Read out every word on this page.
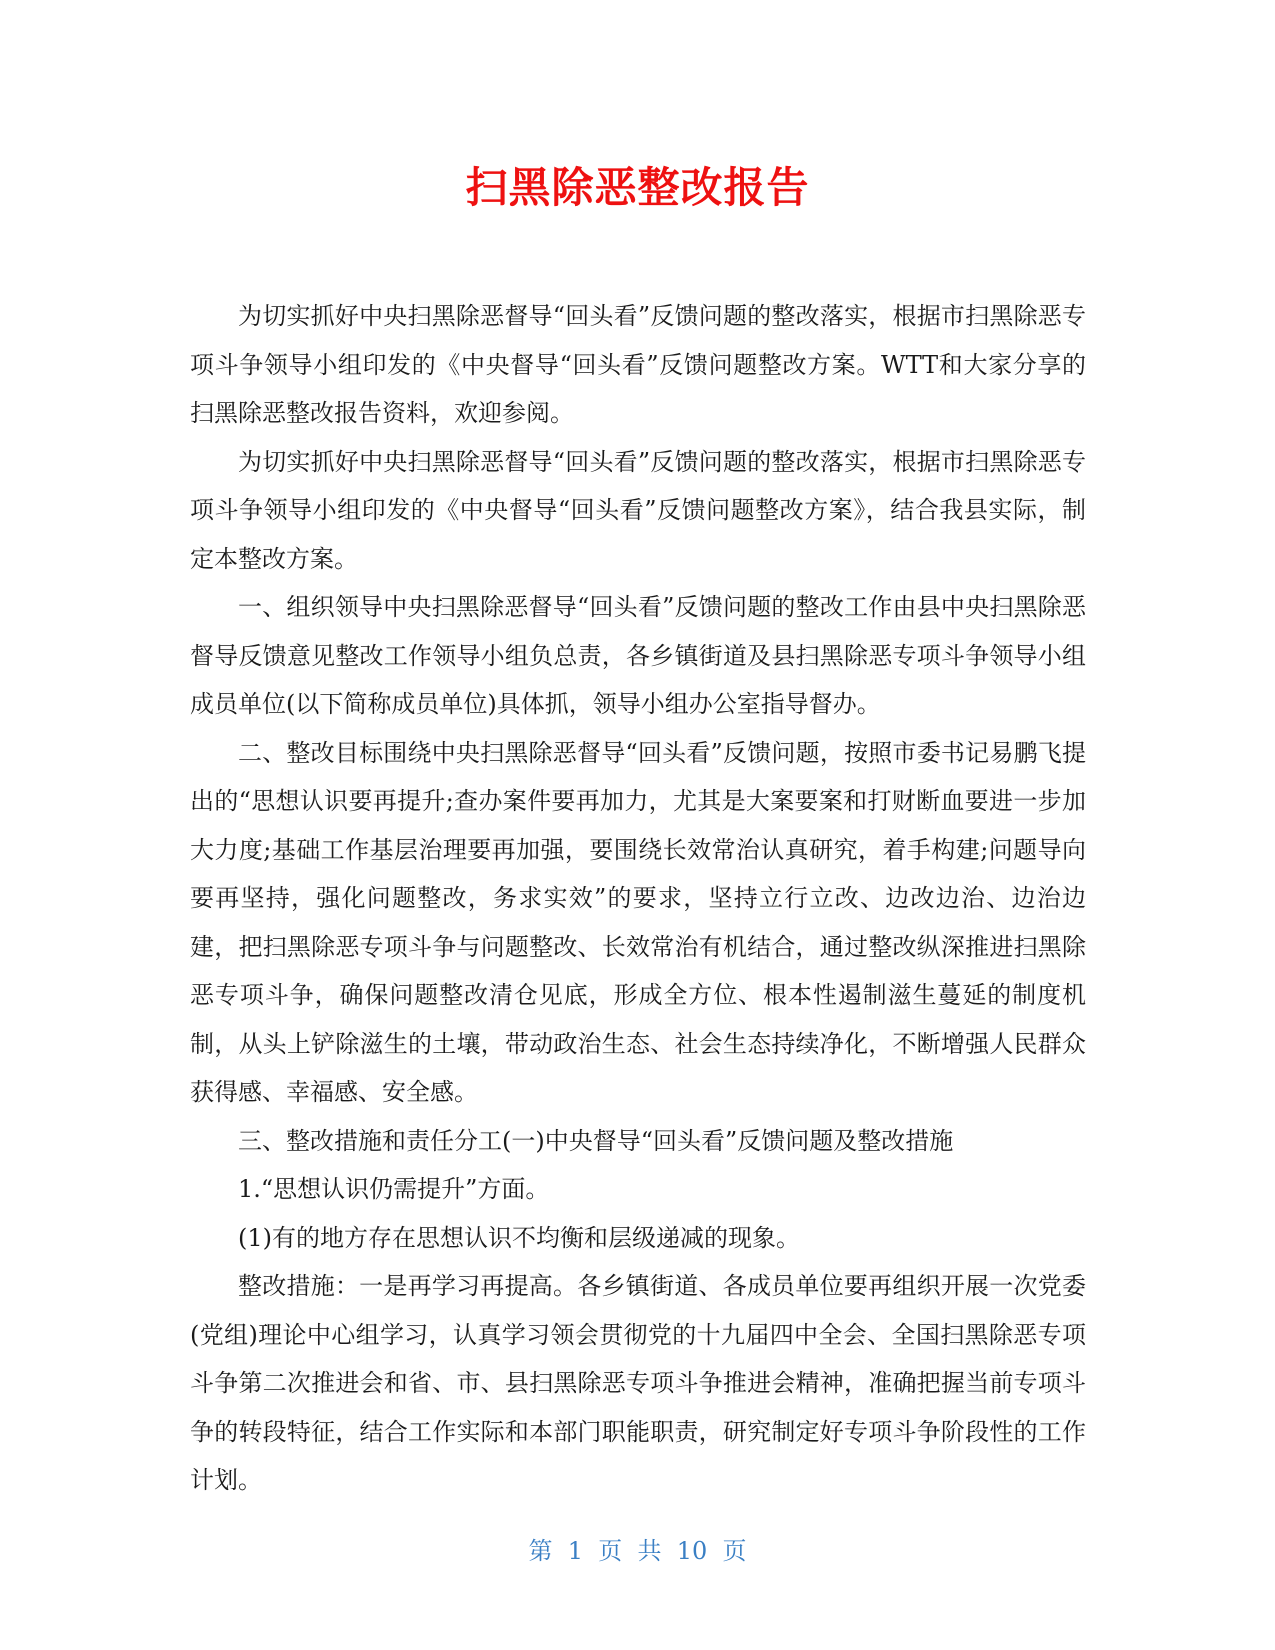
扫黑除恶整改报告

为切实抓好中央扫黑除恶督导“回头看”反馈问题的整改落实，根据市扫黑除恶专项斗争领导小组印发的《中央督导“回头看”反馈问题整改方案。WTT和大家分享的扫黑除恶整改报告资料，欢迎参阅。

为切实抓好中央扫黑除恶督导“回头看”反馈问题的整改落实，根据市扫黑除恶专项斗争领导小组印发的《中央督导“回头看”反馈问题整改方案》，结合我县实际，制定本整改方案。

一、组织领导中央扫黑除恶督导“回头看”反馈问题的整改工作由县中央扫黑除恶督导反馈意见整改工作领导小组负总责，各乡镇街道及县扫黑除恶专项斗争领导小组成员单位(以下简称成员单位)具体抓，领导小组办公室指导督办。

二、整改目标围绕中央扫黑除恶督导“回头看”反馈问题，按照市委书记易鹏飞提出的“思想认识要再提升;查办案件要再加力，尤其是大案要案和打财断血要进一步加大力度;基础工作基层治理要再加强，要围绕长效常治认真研究，着手构建;问题导向要再坚持，强化问题整改，务求实效”的要求，坚持立行立改、边改边治、边治边建，把扫黑除恶专项斗争与问题整改、长效常治有机结合，通过整改纵深推进扫黑除恶专项斗争，确保问题整改清仓见底，形成全方位、根本性遏制滋生蔓延的制度机制，从头上铲除滋生的土壤，带动政治生态、社会生态持续净化，不断增强人民群众获得感、幸福感、安全感。

三、整改措施和责任分工(一)中央督导“回头看”反馈问题及整改措施

1.“思想认识仍需提升”方面。

(1)有的地方存在思想认识不均衡和层级递减的现象。

整改措施：一是再学习再提高。各乡镇街道、各成员单位要再组织开展一次党委(党组)理论中心组学习，认真学习领会贯彻党的十九届四中全会、全国扫黑除恶专项斗争第二次推进会和省、市、县扫黑除恶专项斗争推进会精神，准确把握当前专项斗争的转段特征，结合工作实际和本部门职能职责，研究制定好专项斗争阶段性的工作计划。

第  1  页  共  10  页
